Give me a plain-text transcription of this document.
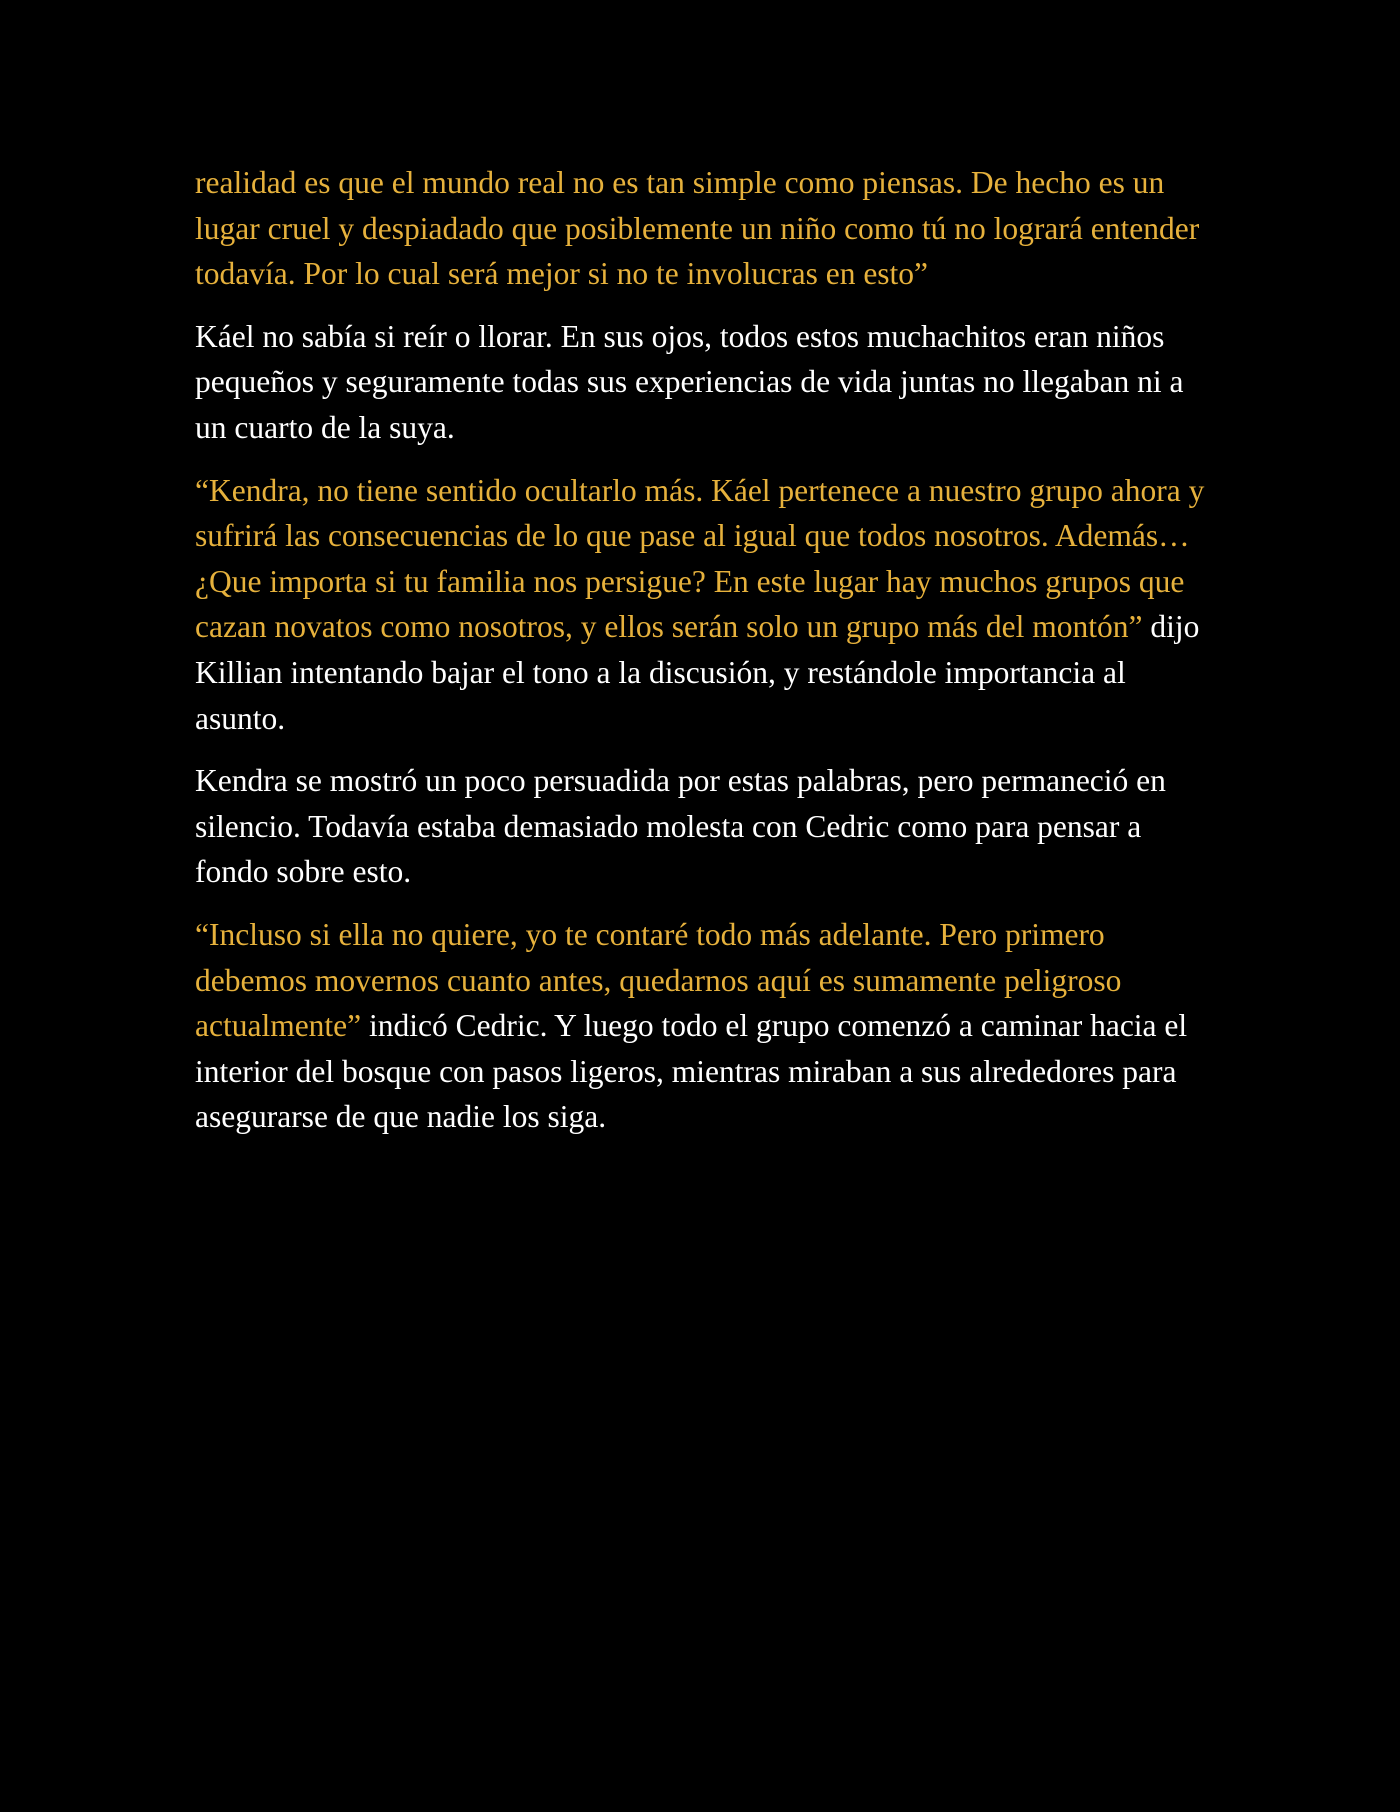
realidad es que el mundo real no es tan simple como piensas. De hecho es un lugar cruel y despiadado que posiblemente un niño como tú no logrará entender todavía. Por lo cual será mejor si no te involucras en esto”

Káel no sabía si reír o llorar. En sus ojos, todos estos muchachitos eran niños pequeños y seguramente todas sus experiencias de vida juntas no llegaban ni a un cuarto de la suya.

“Kendra, no tiene sentido ocultarlo más. Káel pertenece a nuestro grupo ahora y sufrirá las consecuencias de lo que pase al igual que todos nosotros. Además… ¿Que importa si tu familia nos persigue? En este lugar hay muchos grupos que cazan novatos como nosotros, y ellos serán solo un grupo más del montón” dijo Killian intentando bajar el tono a la discusión, y restándole importancia al asunto.

Kendra se mostró un poco persuadida por estas palabras, pero permaneció en silencio. Todavía estaba demasiado molesta con Cedric como para pensar a fondo sobre esto.

“Incluso si ella no quiere, yo te contaré todo más adelante. Pero primero debemos movernos cuanto antes, quedarnos aquí es sumamente peligroso actualmente” indicó Cedric. Y luego todo el grupo comenzó a caminar hacia el interior del bosque con pasos ligeros, mientras miraban a sus alrededores para asegurarse de que nadie los siga.
